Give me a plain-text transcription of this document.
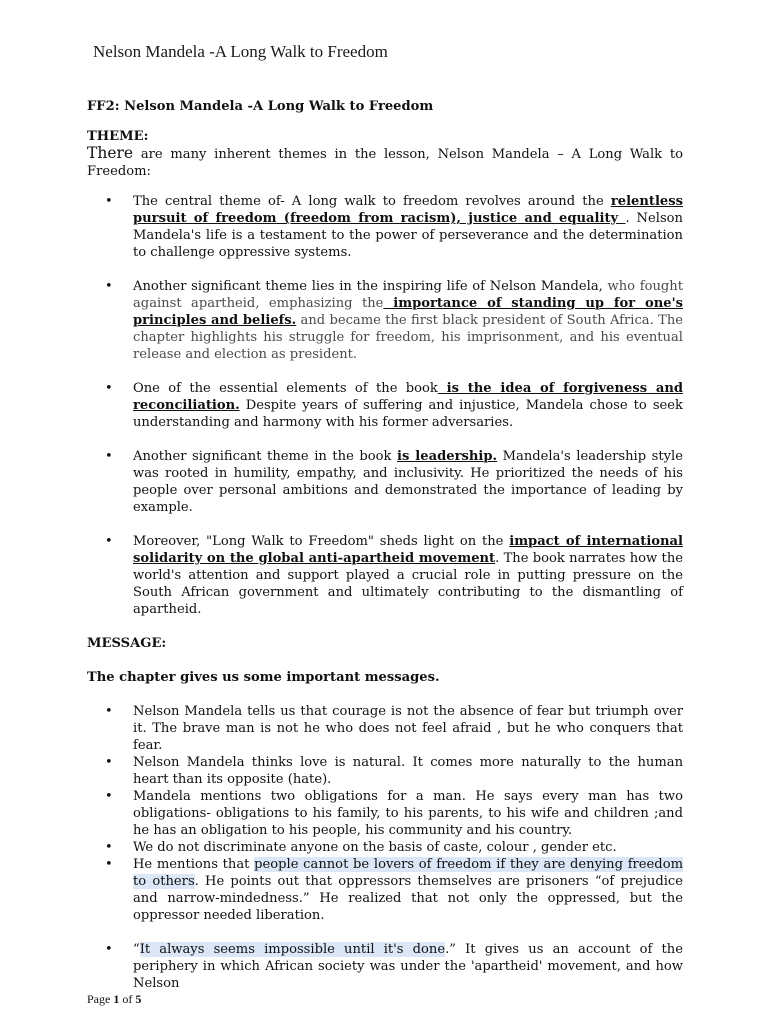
Nelson Mandela -A Long Walk to Freedom

FF2: Nelson Mandela -A Long Walk to Freedom

THEME:

There are many inherent themes in the lesson, Nelson Mandela – A Long Walk to Freedom:

• The central theme of- A long walk to freedom revolves around the relentless pursuit of freedom (freedom from racism), justice and equality . Nelson Mandela's life is a testament to the power of perseverance and the determination to challenge oppressive systems.
• Another significant theme lies in the inspiring life of Nelson Mandela, who fought against apartheid, emphasizing the importance of standing up for one's principles and beliefs. and became the first black president of South Africa. The chapter highlights his struggle for freedom, his imprisonment, and his eventual release and election as president.
• One of the essential elements of the book is the idea of forgiveness and reconciliation. Despite years of suffering and injustice, Mandela chose to seek understanding and harmony with his former adversaries.
• Another significant theme in the book is leadership. Mandela's leadership style was rooted in humility, empathy, and inclusivity. He prioritized the needs of his people over personal ambitions and demonstrated the importance of leading by example.
• Moreover, "Long Walk to Freedom" sheds light on the impact of international solidarity on the global anti-apartheid movement. The book narrates how the world's attention and support played a crucial role in putting pressure on the South African government and ultimately contributing to the dismantling of apartheid.

MESSAGE:

The chapter gives us some important messages.

• Nelson Mandela tells us that courage is not the absence of fear but triumph over it. The brave man is not he who does not feel afraid , but he who conquers that fear.
• Nelson Mandela thinks love is natural. It comes more naturally to the human heart than its opposite (hate).
• Mandela mentions two obligations for a man. He says every man has two obligations- obligations to his family, to his parents, to his wife and children ;and he has an obligation to his people, his community and his country.
• We do not discriminate anyone on the basis of caste, colour , gender etc.
• He mentions that people cannot be lovers of freedom if they are denying freedom to others. He points out that oppressors themselves are prisoners “of prejudice and narrow-mindedness.” He realized that not only the oppressed, but the oppressor needed liberation.
• “It always seems impossible until it's done.” It gives us an account of the periphery in which African society was under the 'apartheid' movement, and how Nelson
Page 1 of 5
